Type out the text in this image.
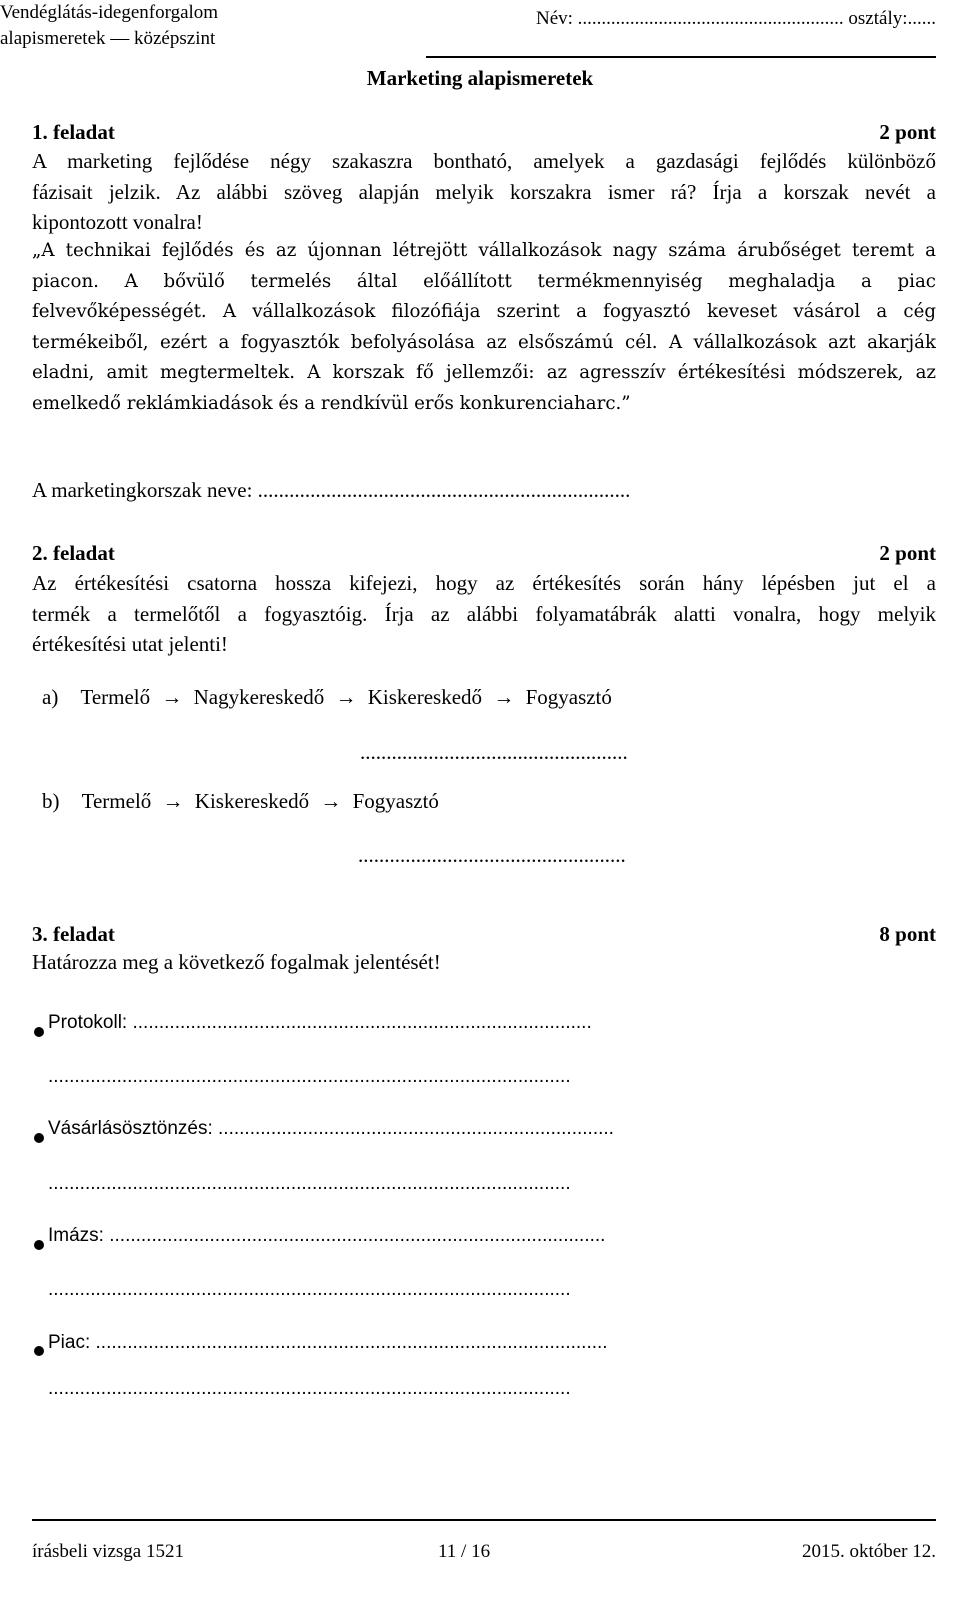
Vendéglátás-idegenforgalom
alapismeretek — középszint
Név: ........................................................ osztály:......
Marketing alapismeretek
1. feladat	2 pont
A marketing fejlődése négy szakaszra bontható, amelyek a gazdasági fejlődés különböző
fázisait jelzik. Az alábbi szöveg alapján melyik korszakra ismer rá? Írja a korszak nevét a
kipontozott vonalra!
„A technikai fejlődés és az újonnan létrejött vállalkozások nagy száma árubőséget teremt a
piacon. A bővülő termelés által előállított termékmennyiség meghaladja a piac
felvevőképességét. A vállalkozások filozófiája szerint a fogyasztó keveset vásárol a cég
termékeiből, ezért a fogyasztók befolyásolása az elsőszámú cél. A vállalkozások azt akarják
eladni, amit megtermeltek. A korszak fő jellemzői: az agresszív értékesítési módszerek, az
emelkedő reklámkiadások és a rendkívül erős konkurenciaharc.”
A marketingkorszak neve: .......................................................................
2. feladat	2 pont
Az értékesítési csatorna hossza kifejezi, hogy az értékesítés során hány lépésben jut el a
termék a termelőtől a fogyasztóig. Írja az alábbi folyamatábrák alatti vonalra, hogy melyik
értékesítési utat jelenti!
a) Termelő → Nagykereskedő → Kiskereskedő → Fogyasztó
...................................................
b) Termelő → Kiskereskedő → Fogyasztó
...................................................
3. feladat	8 pont
Határozza meg a következő fogalmak jelentését!
Protokoll: .......................................................................................
...................................................................................................
Vásárlásösztönzés: ...........................................................................
...................................................................................................
Imázs: ..............................................................................................
...................................................................................................
Piac: .................................................................................................
...................................................................................................
írásbeli vizsga 1521	11 / 16	2015. október 12.
